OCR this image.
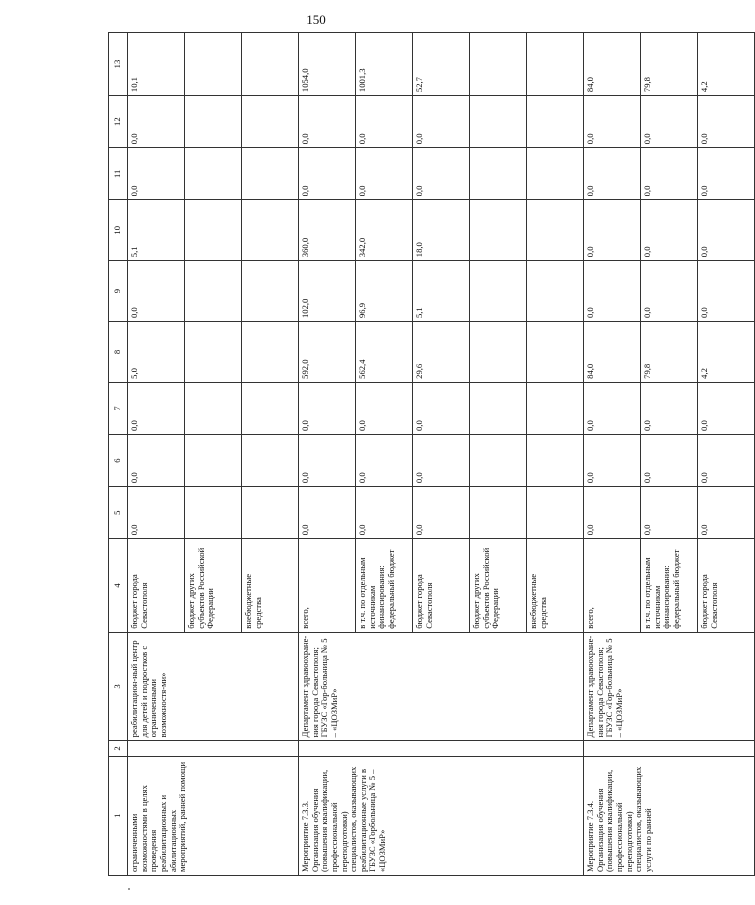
150
1	2	3	4	5	6	7	8	9	10	11	12	13
ограниченными возможностями в целях проведения реабилитационных и абилитационных мероприятий, ранней помощи		реабилитацион-ный центр для детей и подростков с ограниченными возможностя-ми»	бюджет города Севастополя	0,0	0,0	0,0	5,0	0,0	5,1	0,0	0,0	10,1
			бюджет других субъектов Российской Федерации									
			внебюджетные средства									
Мероприятие 7.3.3. Организация обучения (повышения квалификации, профессиональной переподготовки) специалистов, оказывающих реабилитационные услуги в ГБУЗС «Горбольница № 5 – «ЦОЗМиР»		Департамент здравоохране-ния города Севастополя; ГБУЗС «Гор-больница № 5 – «ЦОЗМиР»	всего,	0,0	0,0	0,0	592,0	102,0	360,0	0,0	0,0	1054,0
			в т.ч. по отдельным источникам финансирования: федеральный бюджет	0,0	0,0	0,0	562,4	96,9	342,0	0,0	0,0	1001,3
			бюджет города Севастополя	0,0	0,0	0,0	29,6	5,1	18,0	0,0	0,0	52,7
			бюджет других субъектов Российской Федерации									
			внебюджетные средства									
Мероприятие 7.3.4. Организация обучения (повышения квалификации, профессиональной переподготовки) специалистов, оказывающих услуги по ранней		Департамент здравоохране-ния города Севастополя; ГБУЗС «Гор-больница № 5 – «ЦОЗМиР»	всего,	0,0	0,0	0,0	84,0	0,0	0,0	0,0	0,0	84,0
			в т.ч. по отдельным источникам финансирования: федеральный бюджет	0,0	0,0	0,0	79,8	0,0	0,0	0,0	0,0	79,8
			бюджет города Севастополя	0,0	0,0	0,0	4,2	0,0	0,0	0,0	0,0	4,2
